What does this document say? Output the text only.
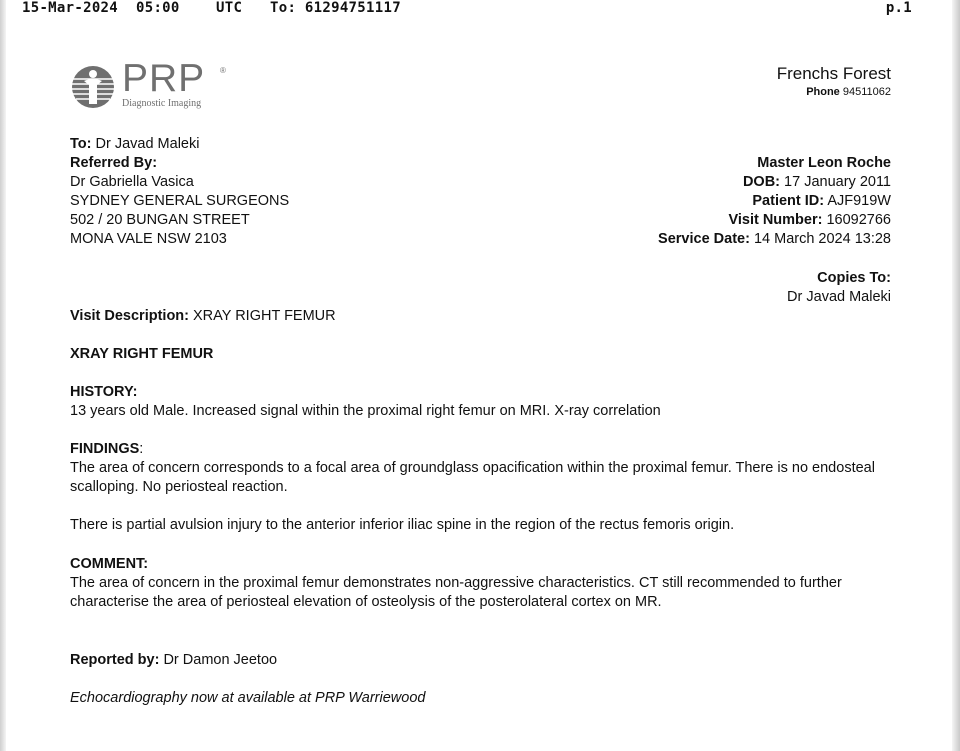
15-Mar-2024

05:00

	UTC

To: 61294751117

	p.1

PRP ®
Diagnostic Imaging
Frenchs Forest
Phone 94511062
To: Dr Javad Maleki
Referred By:
Dr Gabriella Vasica
SYDNEY GENERAL SURGEONS
502 / 20 BUNGAN STREET
MONA VALE NSW 2103
Master Leon Roche
DOB: 17 January 2011
Patient ID: AJF919W
Visit Number: 16092766
Service Date: 14 March 2024 13:28
Copies To:
Dr Javad Maleki
Visit Description: XRAY RIGHT FEMUR
XRAY RIGHT FEMUR
HISTORY:
13 years old Male. Increased signal within the proximal right femur on MRI. X-ray correlation
FINDINGS:
The area of concern corresponds to a focal area of groundglass opacification within the proximal femur. There is no endosteal scalloping. No periosteal reaction.
There is partial avulsion injury to the anterior inferior iliac spine in the region of the rectus femoris origin.
COMMENT:
The area of concern in the proximal femur demonstrates non-aggressive characteristics. CT still recommended to further characterise the area of periosteal elevation of osteolysis of the posterolateral cortex on MR.
Reported by: Dr Damon Jeetoo
Echocardiography now at available at PRP Warriewood
